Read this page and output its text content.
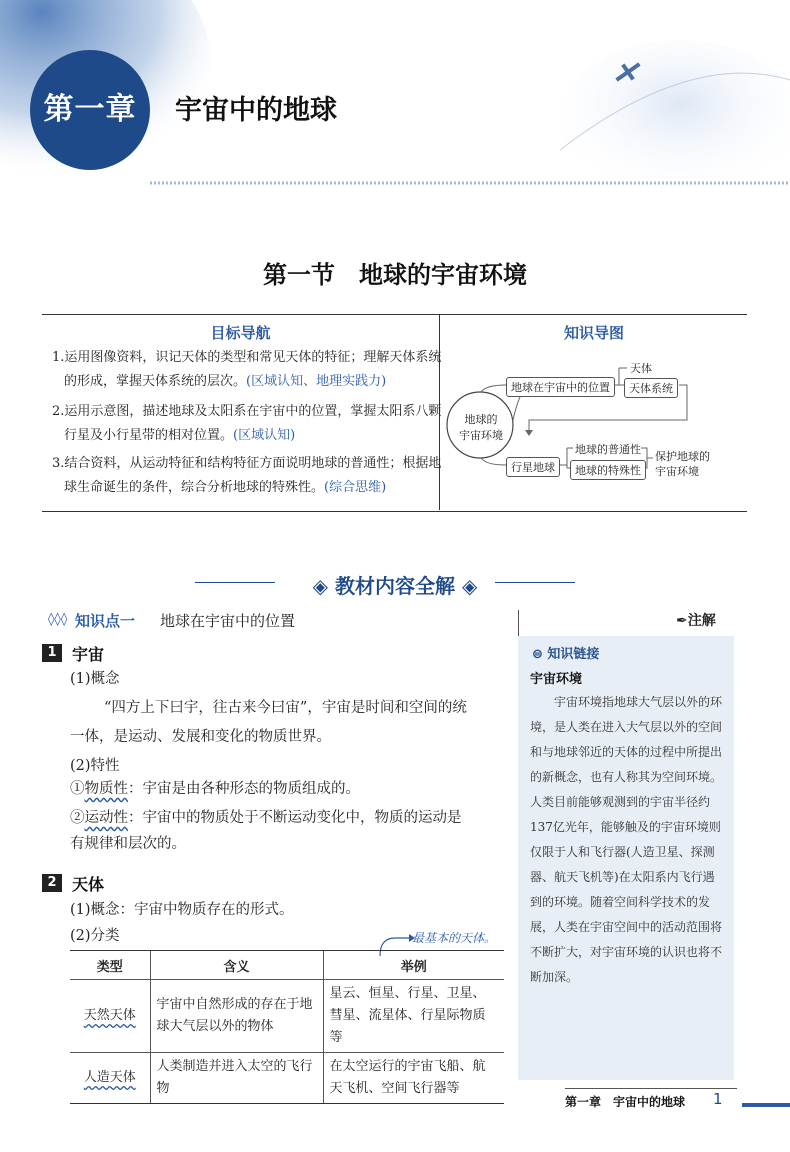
第一章	宇宙中的地球
第一节　地球的宇宙环境
目标导航	知识导图
1.运用图像资料，识记天体的类型和常见天体的特征；理解天体系统的形成，掌握天体系统的层次。(区域认知、地理实践力)
2.运用示意图，描述地球及太阳系在宇宙中的位置，掌握太阳系八颗行星及小行星带的相对位置。(区域认知)
3.结合资料，从运动特征和结构特征方面说明地球的普通性；根据地球生命诞生的条件，综合分析地球的特殊性。(综合思维)
地球的
宇宙环境
地球在宇宙中的位置
天体
天体系统
行星地球
地球的普通性
地球的特殊性
保护地球的
宇宙环境
◈ 教材内容全解 ◈
◊◊◊ 知识点一 地球在宇宙中的位置
1 宇宙
(1)概念
“四方上下曰宇，往古来今曰宙”，宇宙是时间和空间的统
一体，是运动、发展和变化的物质世界。
(2)特性
①物质性：宇宙是由各种形态的物质组成的。
②运动性：宇宙中的物质处于不断运动变化中，物质的运动是
有规律和层次的。
2 天体
(1)概念：宇宙中物质存在的形式。
(2)分类	最基本的天体。
类型	含义	举例
天然天体	宇宙中自然形成的存在于地球大气层以外的物体	星云、恒星、行星、卫星、彗星、流星体、行星际物质等
人造天体	人类制造并进入太空的飞行物	在太空运行的宇宙飞船、航天飞机、空间飞行器等
✒注解
⊜ 知识链接
宇宙环境
宇宙环境指地球大气层以外的环境，是人类在进入大气层以外的空间和与地球邻近的天体的过程中所提出的新概念，也有人称其为空间环境。人类目前能够观测到的宇宙半径约137亿光年，能够触及的宇宙环境则仅限于人和飞行器(人造卫星、探测器、航天飞机等)在太阳系内飞行遇到的环境。随着空间科学技术的发展，人类在宇宙空间中的活动范围将不断扩大，对宇宙环境的认识也将不断加深。
第一章　宇宙中的地球 1
